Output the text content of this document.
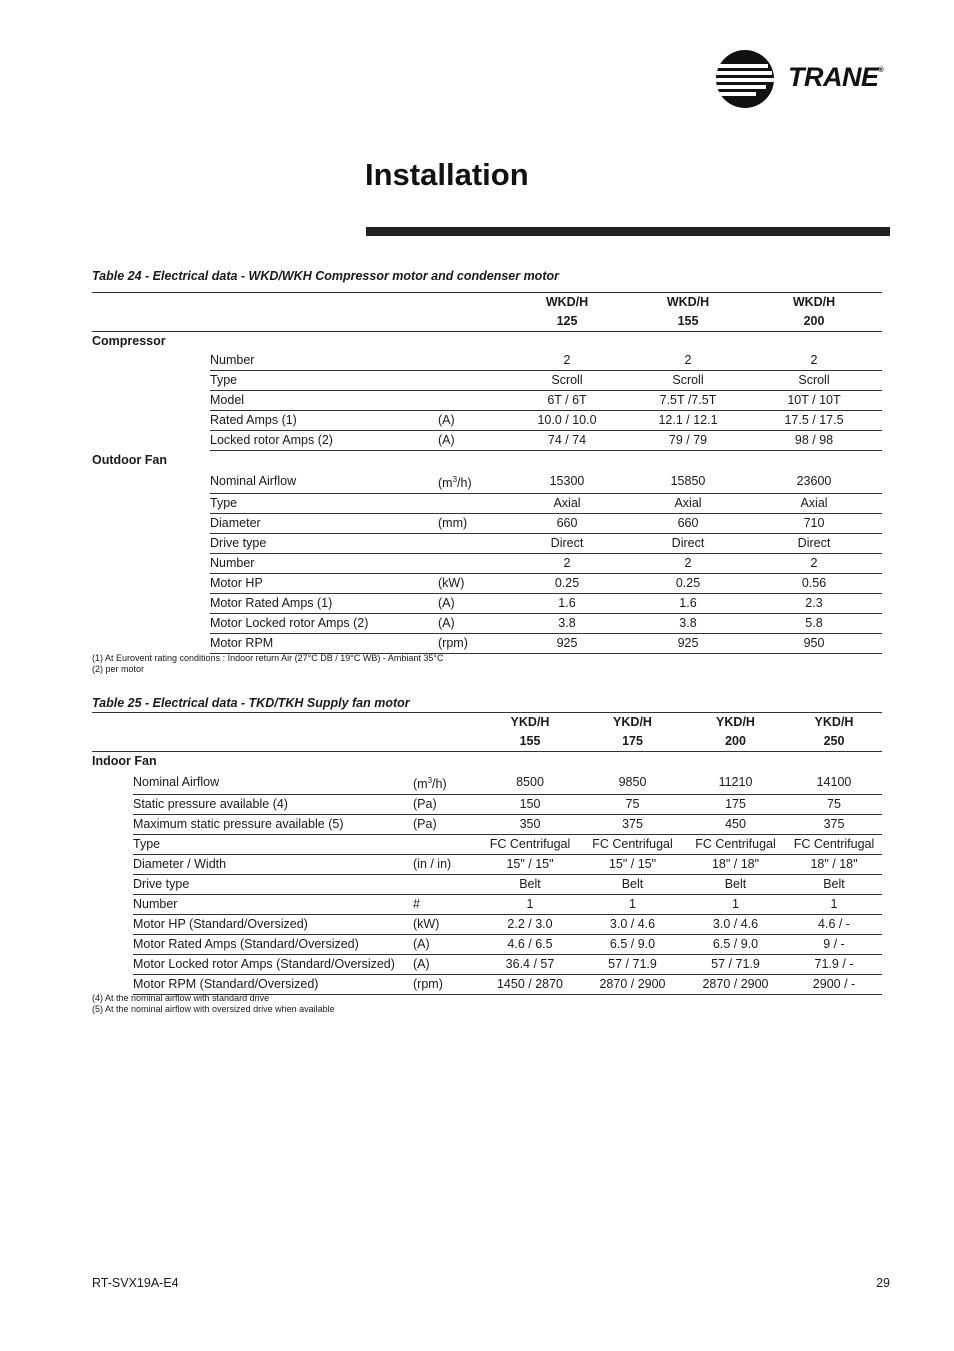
TRANE®
Installation

Table 24 - Electrical data - WKD/WKH Compressor motor and condenser motor

			WKD/H	WKD/H	WKD/H
			125	155	200
Compressor					
	Number		2	2	2
	Type		Scroll	Scroll	Scroll
	Model		6T / 6T	7.5T /7.5T	10T / 10T
	Rated Amps (1)	(A)	10.0 / 10.0	12.1 / 12.1	17.5 / 17.5
	Locked rotor Amps (2)	(A)	74 / 74	79 / 79	98 / 98
Outdoor Fan					
	Nominal Airflow	$(m^3/h)$	15300	15850	23600
	Type		Axial	Axial	Axial
	Diameter	(mm)	660	660	710
	Drive type		Direct	Direct	Direct
	Number		2	2	2
	Motor HP	(kW)	0.25	0.25	0.56
	Motor Rated Amps (1)	(A)	1.6	1.6	2.3
	Motor Locked rotor Amps (2)	(A)	3.8	3.8	5.8
	Motor RPM	(rpm)	925	925	950
(1) At Eurovent rating conditions : Indoor return Air (27°C DB / 19°C WB) - Ambiant 35°C
(2) per motor

Table 25 - Electrical data - TKD/TKH Supply fan motor

			YKD/H	YKD/H	YKD/H	YKD/H
			155	175	200	250
Indoor Fan						
	Nominal Airflow	$(m^3/h)$	8500	9850	11210	14100
	Static pressure available (4)	(Pa)	150	75	175	75
	Maximum static pressure available (5)	(Pa)	350	375	450	375
	Type		FC Centrifugal	FC Centrifugal	FC Centrifugal	FC Centrifugal
	Diameter / Width	(in / in)	15" / 15"	15" / 15"	18" / 18"	18" / 18"
	Drive type		Belt	Belt	Belt	Belt
	Number	#	1	1	1	1
	Motor HP (Standard/Oversized)	(kW)	2.2 / 3.0	3.0 / 4.6	3.0 / 4.6	4.6 / -
	Motor Rated Amps (Standard/Oversized)	(A)	4.6 / 6.5	6.5 / 9.0	6.5 / 9.0	9 / -
	Motor Locked rotor Amps (Standard/Oversized)	(A)	36.4 / 57	57 / 71.9	57 / 71.9	71.9 / -
	Motor RPM (Standard/Oversized)	(rpm)	1450 / 2870	2870 / 2900	2870 / 2900	2900 / -
(4) At the nominal airflow with standard drive
(5) At the nominal airflow with oversized drive when available
RT-SVX19A-E4	29
